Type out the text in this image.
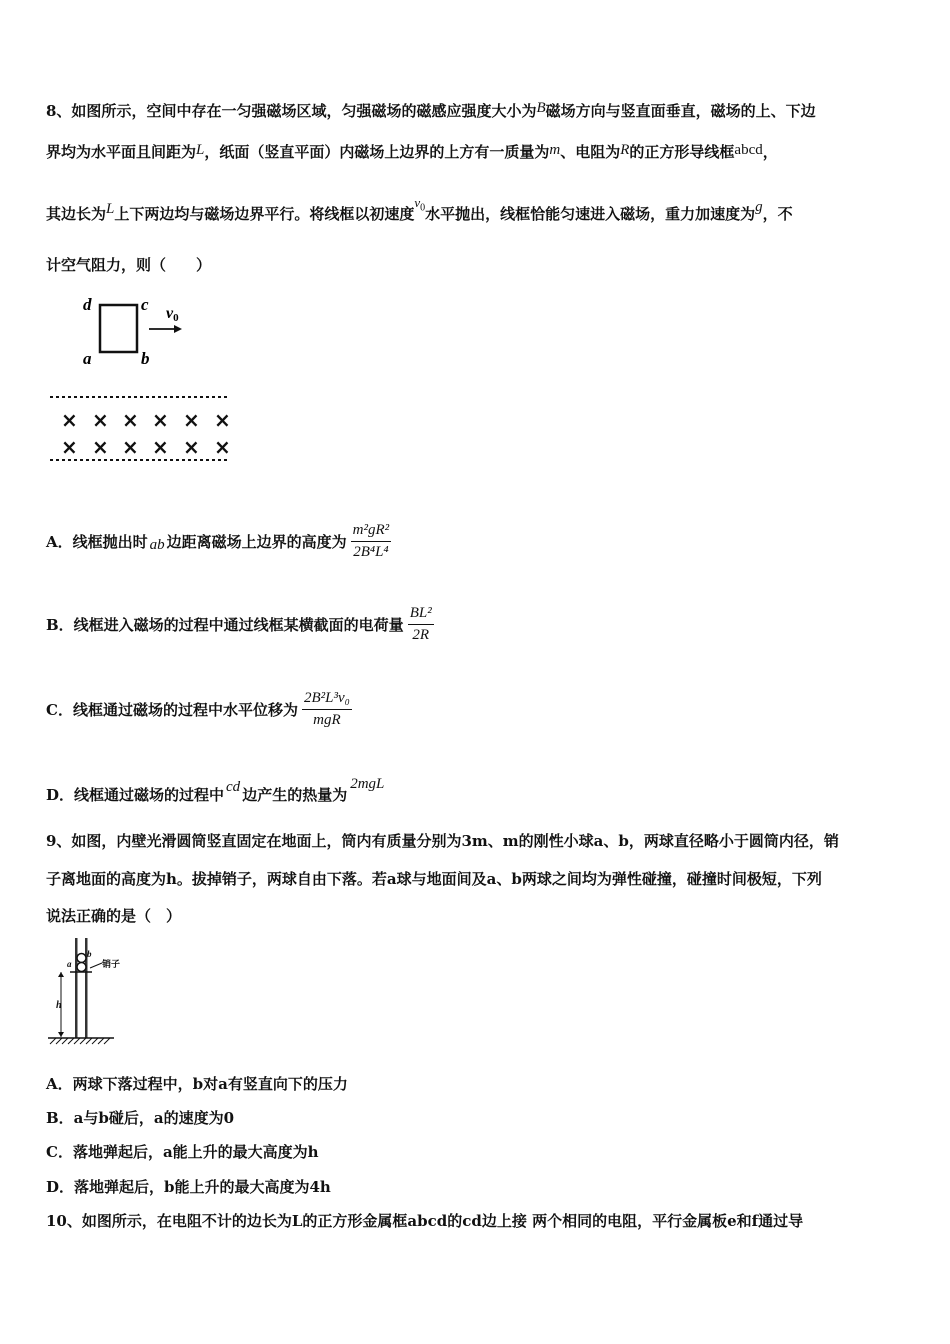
8、如图所示，空间中存在一匀强磁场区域，匀强磁场的磁感应强度大小为B磁场方向与竖直面垂直，磁场的上、下边
界均为水平面且间距为L，纸面（竖直平面）内磁场上边界的上方有一质量为m、电阻为R的正方形导线框abcd，
其边长为L上下两边均与磁场边界平行。将线框以初速度$v_0$水平抛出，线框恰能匀速进入磁场，重力加速度为g，不
计空气阻力，则（　　）
d	c
a	b
v0
× × × × × ×
× × × × × ×
A．线框抛出时 ab 边距离磁场上边界的高度为 $\frac{\text{m²gR²}}{\text{2B⁴L⁴}}$
B．线框进入磁场的过程中通过线框某横截面的电荷量 $\frac{\text{BL²}}{2R}$
C．线框通过磁场的过程中水平位移为 $\frac{\text{2B²L³v₀}}{\text{mgR}}$
D．线框通过磁场的过程中 cd 边产生的热量为2mgL
9、如图，内壁光滑圆筒竖直固定在地面上，筒内有质量分别为3m、m的刚性小球a、b，两球直径略小于圆筒内径，销
子离地面的高度为h。拔掉销子，两球自由下落。若a球与地面间及a、b两球之间均为弹性碰撞，碰撞时间极短，下列
说法正确的是（　）
销子
a
b
h
A．两球下落过程中，b对a有竖直向下的压力
B．a与b碰后，a的速度为0
C．落地弹起后，a能上升的最大高度为h
D．落地弹起后，b能上升的最大高度为4h
10、如图所示，在电阻不计的边长为L的正方形金属框abcd的cd边上接 两个相同的电阻，平行金属板e和f通过导
